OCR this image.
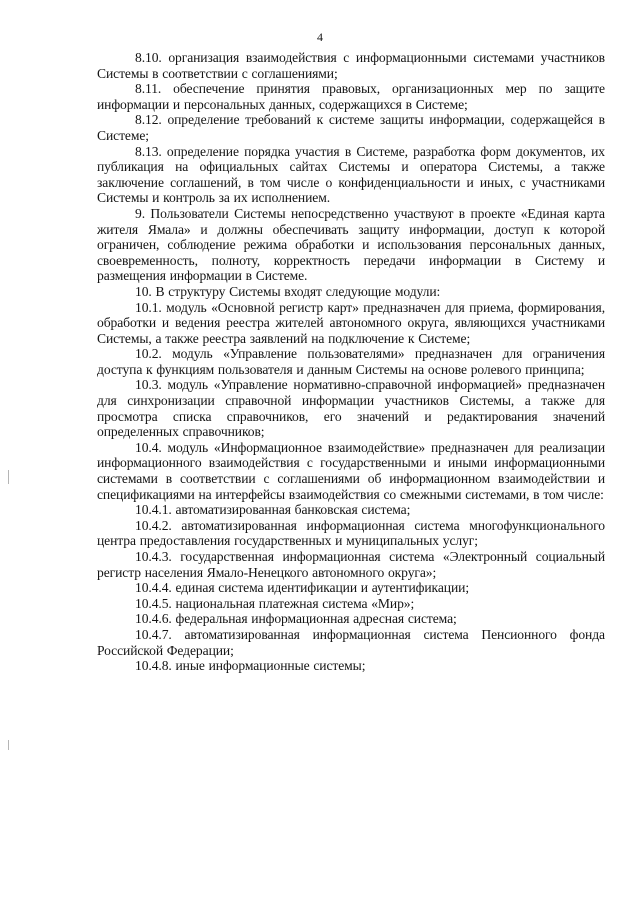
4

8.10. организация взаимодействия с информационными системами участников Системы в соответствии с соглашениями;

8.11. обеспечение принятия правовых, организационных мер по защите информации и персональных данных, содержащихся в Системе;

8.12. определение требований к системе защиты информации, содержащейся в Системе;

8.13. определение порядка участия в Системе, разработка форм документов, их публикация на официальных сайтах Системы и оператора Системы, а также заключение соглашений, в том числе о конфиденциальности и иных, с участниками Системы и контроль за их исполнением.

9. Пользователи Системы непосредственно участвуют в проекте «Единая карта жителя Ямала» и должны обеспечивать защиту информации, доступ к которой ограничен, соблюдение режима обработки и использования персональных данных, своевременность, полноту, корректность передачи информации в Систему и размещения информации в Системе.

10. В структуру Системы входят следующие модули:

10.1. модуль «Основной регистр карт» предназначен для приема, формирования, обработки и ведения реестра жителей автономного округа, являющихся участниками Системы, а также реестра заявлений на подключение к Системе;

10.2. модуль «Управление пользователями» предназначен для ограничения доступа к функциям пользователя и данным Системы на основе ролевого принципа;

10.3. модуль «Управление нормативно-справочной информацией» предназначен для синхронизации справочной информации участников Системы, а также для просмотра списка справочников, его значений и редактирования значений определенных справочников;

10.4. модуль «Информационное взаимодействие» предназначен для реализации информационного взаимодействия с государственными и иными информационными системами в соответствии с соглашениями об информационном взаимодействии и спецификациями на интерфейсы взаимодействия со смежными системами, в том числе:

10.4.1. автоматизированная банковская система;

10.4.2. автоматизированная информационная система многофункционального центра предоставления государственных и муниципальных услуг;

10.4.3. государственная информационная система «Электронный социальный регистр населения Ямало-Ненецкого автономного округа»;

10.4.4. единая система идентификации и аутентификации;

10.4.5. национальная платежная система «Мир»;

10.4.6. федеральная информационная адресная система;

10.4.7. автоматизированная информационная система Пенсионного фонда Российской Федерации;

10.4.8. иные информационные системы;
